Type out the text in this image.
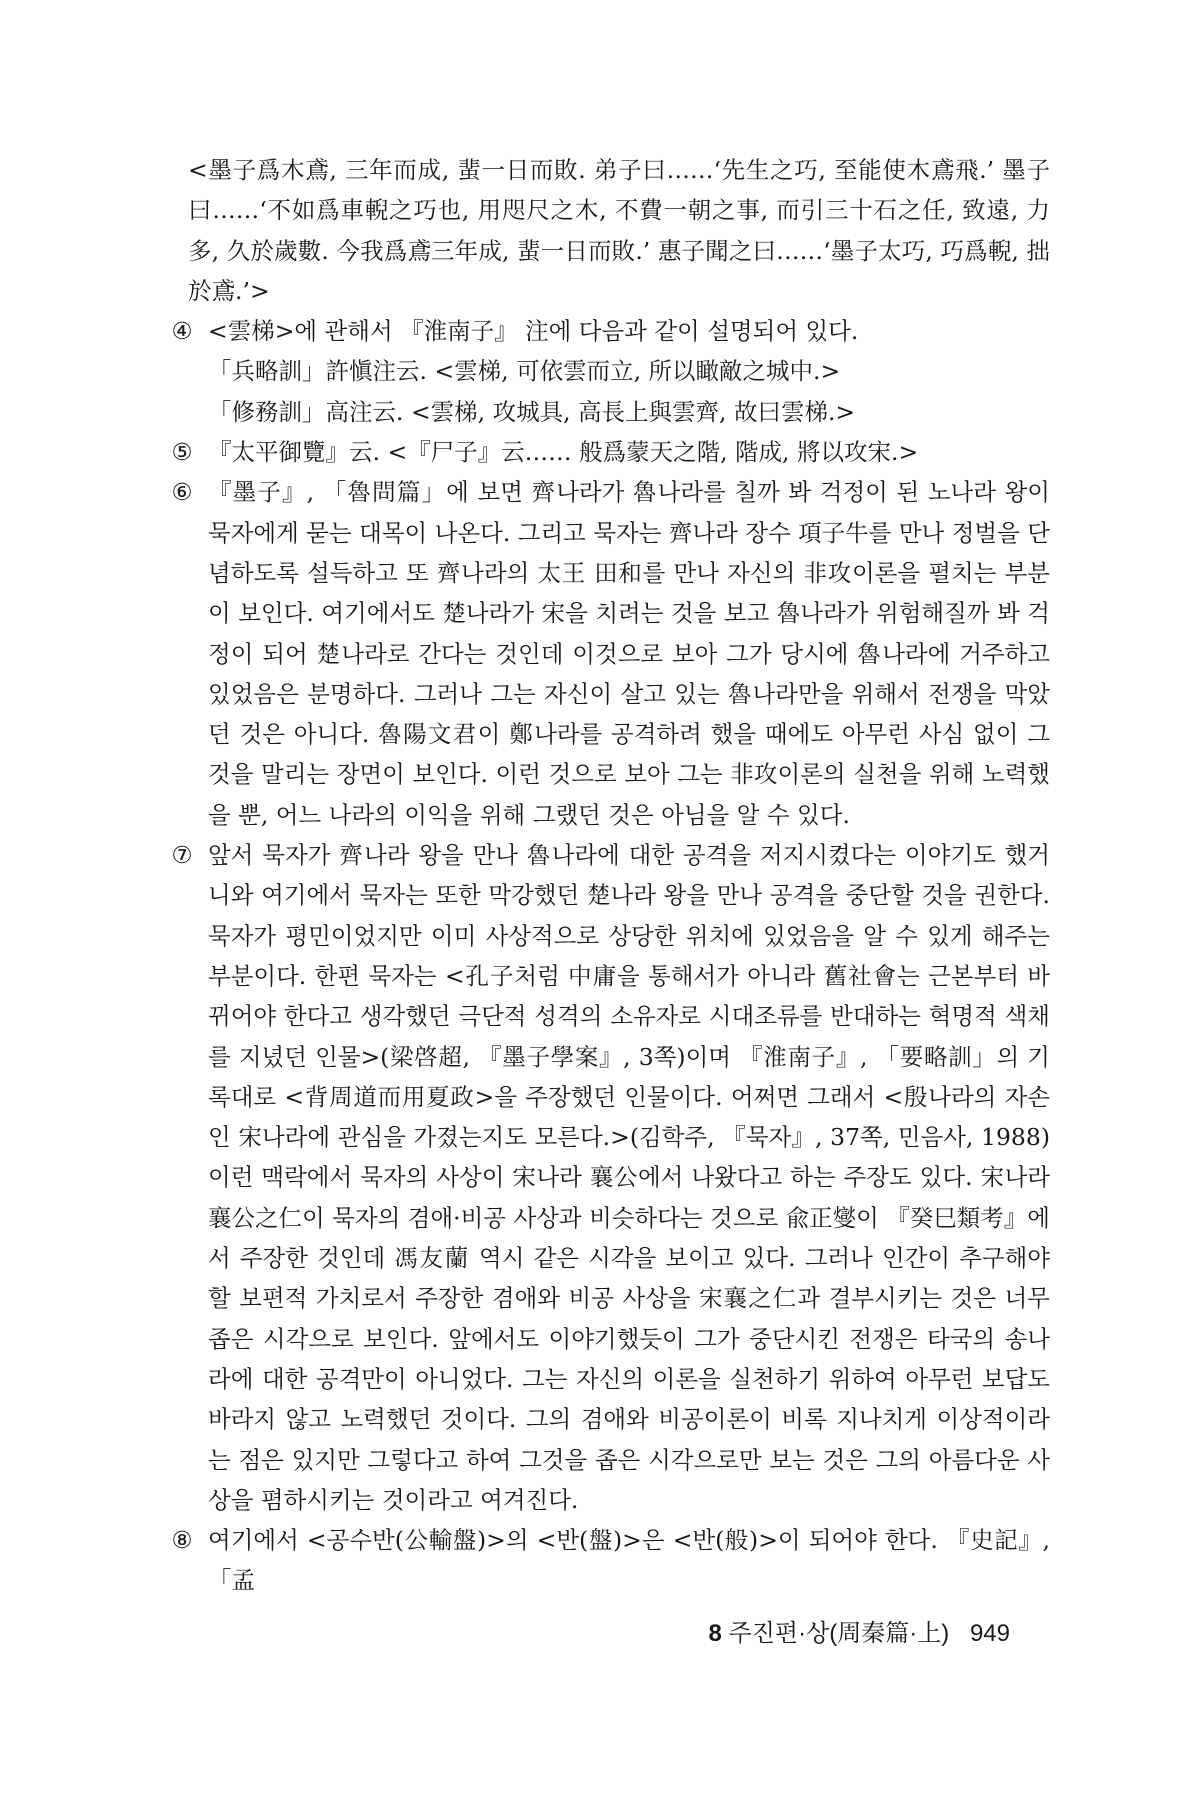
<墨子爲木鳶, 三年而成, 蜚一日而敗. 弟子曰……‘先生之巧, 至能使木鳶飛.’ 墨子曰……‘不如爲車輗之巧也, 用咫尺之木, 不費一朝之事, 而引三十石之任, 致遠, 力多, 久於歲數. 今我爲鳶三年成, 蜚一日而敗.’ 惠子聞之曰……‘墨子太巧, 巧爲輗, 拙於鳶.’>
④ <雲梯>에 관해서 『淮南子』 注에 다음과 같이 설명되어 있다.
「兵略訓」許愼注云. <雲梯, 可依雲而立, 所以瞰敵之城中.>
「修務訓」高注云. <雲梯, 攻城具, 高長上與雲齊, 故曰雲梯.>
⑤ 『太平御覽』云. <『尸子』云…… 般爲蒙天之階, 階成, 將以攻宋.>
⑥ 『墨子』, 「魯問篇」에 보면 齊나라가 魯나라를 칠까 봐 걱정이 된 노나라 왕이 묵자에게 묻는 대목이 나온다. 그리고 묵자는 齊나라 장수 項子牛를 만나 정벌을 단념하도록 설득하고 또 齊나라의 太王 田和를 만나 자신의 非攻이론을 펼치는 부분이 보인다. 여기에서도 楚나라가 宋을 치려는 것을 보고 魯나라가 위험해질까 봐 걱정이 되어 楚나라로 간다는 것인데 이것으로 보아 그가 당시에 魯나라에 거주하고 있었음은 분명하다. 그러나 그는 자신이 살고 있는 魯나라만을 위해서 전쟁을 막았던 것은 아니다. 魯陽文君이 鄭나라를 공격하려 했을 때에도 아무런 사심 없이 그것을 말리는 장면이 보인다. 이런 것으로 보아 그는 非攻이론의 실천을 위해 노력했을 뿐, 어느 나라의 이익을 위해 그랬던 것은 아님을 알 수 있다.
⑦ 앞서 묵자가 齊나라 왕을 만나 魯나라에 대한 공격을 저지시켰다는 이야기도 했거니와 여기에서 묵자는 또한 막강했던 楚나라 왕을 만나 공격을 중단할 것을 권한다. 묵자가 평민이었지만 이미 사상적으로 상당한 위치에 있었음을 알 수 있게 해주는 부분이다. 한편 묵자는 <孔子처럼 中庸을 통해서가 아니라 舊社會는 근본부터 바뀌어야 한다고 생각했던 극단적 성격의 소유자로 시대조류를 반대하는 혁명적 색채를 지녔던 인물>(梁啓超, 『墨子學案』, 3쪽)이며 『淮南子』, 「要略訓」의 기록대로 <背周道而用夏政>을 주장했던 인물이다. 어쩌면 그래서 <殷나라의 자손인 宋나라에 관심을 가졌는지도 모른다.>(김학주, 『묵자』, 37쪽, 민음사, 1988) 이런 맥락에서 묵자의 사상이 宋나라 襄公에서 나왔다고 하는 주장도 있다. 宋나라 襄公之仁이 묵자의 겸애·비공 사상과 비슷하다는 것으로 兪正燮이 『癸巳類考』에서 주장한 것인데 馮友蘭 역시 같은 시각을 보이고 있다. 그러나 인간이 추구해야 할 보편적 가치로서 주장한 겸애와 비공 사상을 宋襄之仁과 결부시키는 것은 너무 좁은 시각으로 보인다. 앞에서도 이야기했듯이 그가 중단시킨 전쟁은 타국의 송나라에 대한 공격만이 아니었다. 그는 자신의 이론을 실천하기 위하여 아무런 보답도 바라지 않고 노력했던 것이다. 그의 겸애와 비공이론이 비록 지나치게 이상적이라는 점은 있지만 그렇다고 하여 그것을 좁은 시각으로만 보는 것은 그의 아름다운 사상을 폄하시키는 것이라고 여겨진다.
⑧ 여기에서 <공수반(公輸盤)>의 <반(盤)>은 <반(般)>이 되어야 한다. 『史記』, 「孟
8 주진편·상(周秦篇·上) 949
